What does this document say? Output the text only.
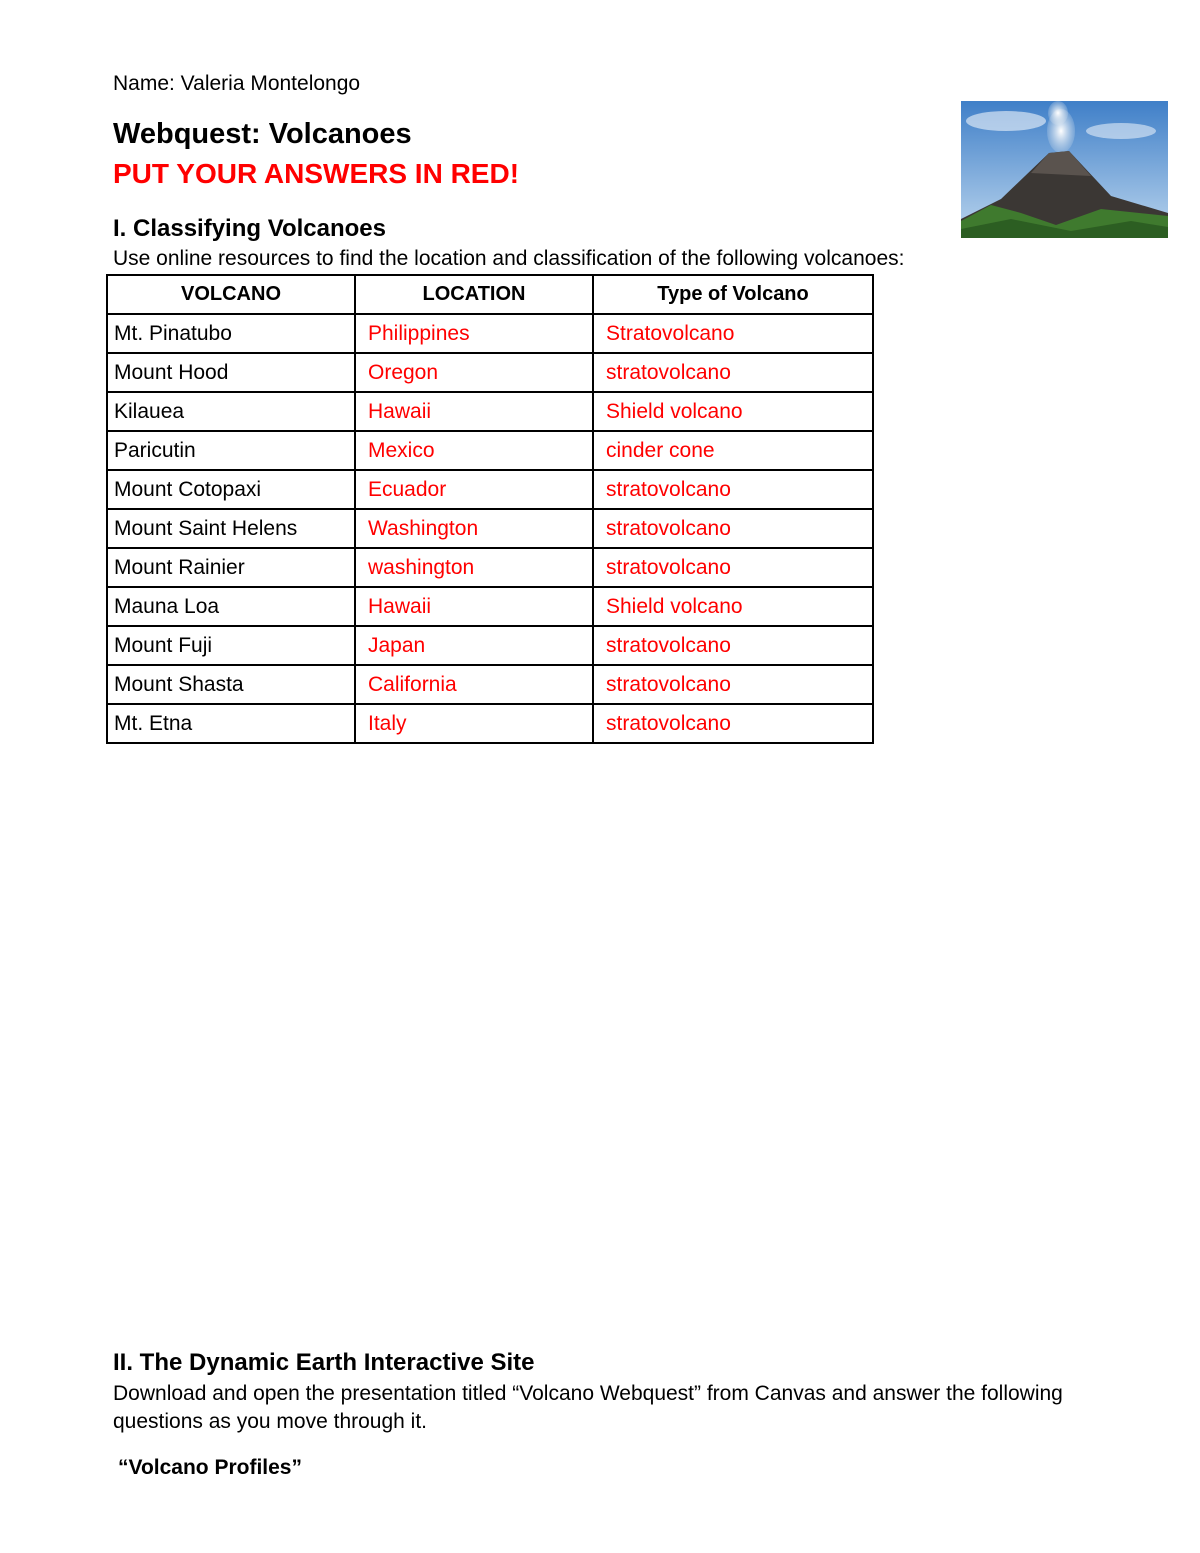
Name: Valeria Montelongo
Webquest: Volcanoes
PUT YOUR ANSWERS IN RED!
I. Classifying Volcanoes
Use online resources to find the location and classification of the following volcanoes:
VOLCANO	LOCATION	Type of Volcano
Mt. Pinatubo	Philippines	Stratovolcano
Mount Hood	Oregon	stratovolcano
Kilauea	Hawaii	Shield volcano
Paricutin	Mexico	cinder cone
Mount Cotopaxi	Ecuador	stratovolcano
Mount Saint Helens	Washington	stratovolcano
Mount Rainier	washington	stratovolcano
Mauna Loa	Hawaii	Shield volcano
Mount Fuji	Japan	stratovolcano
Mount Shasta	California	stratovolcano
Mt. Etna	Italy	stratovolcano
II. The Dynamic Earth Interactive Site
Download and open the presentation titled “Volcano Webquest” from Canvas and answer the following questions as you move through it.
“Volcano Profiles”
